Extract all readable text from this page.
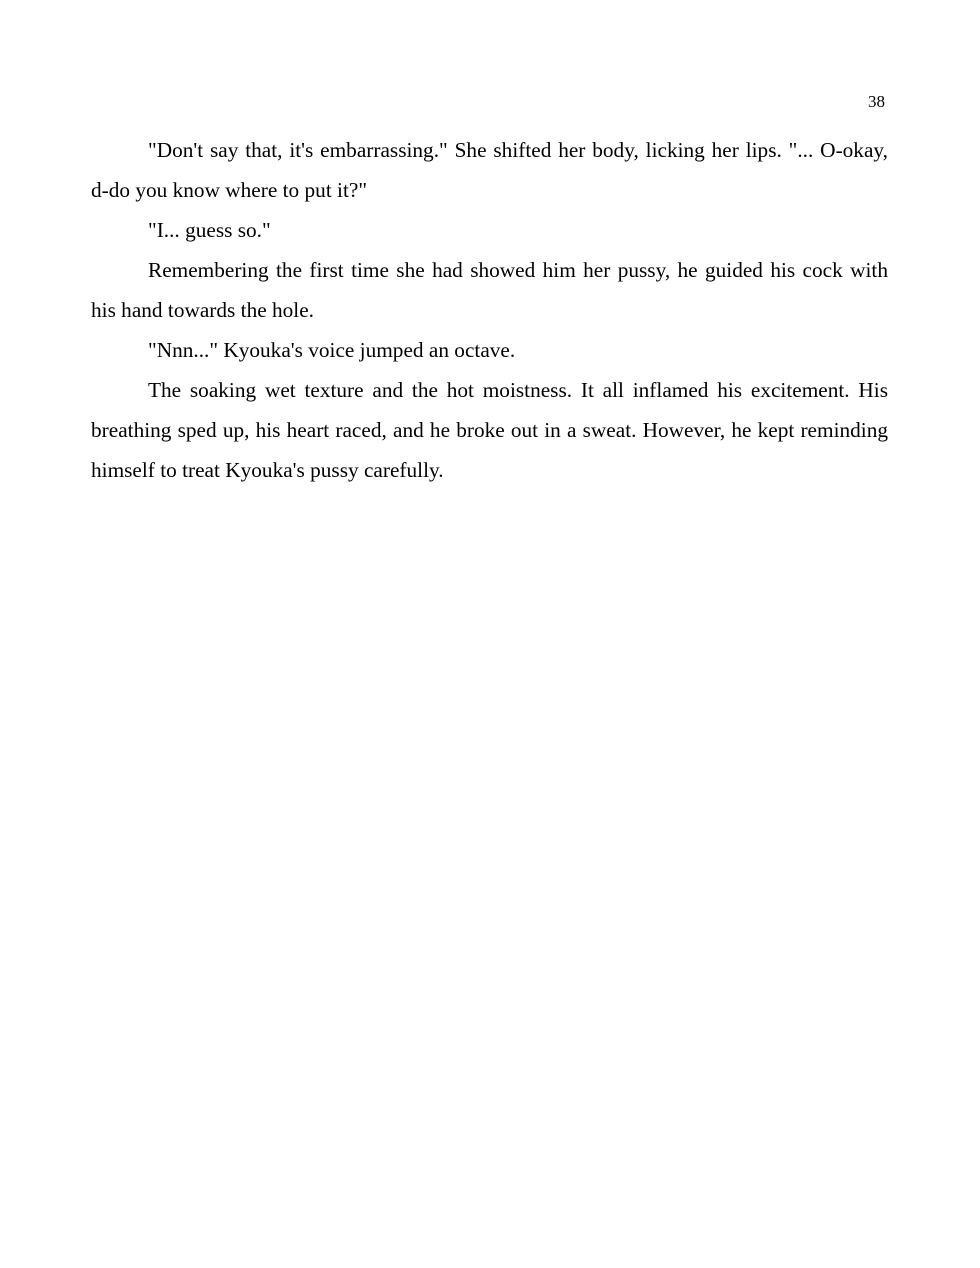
38

"Don't say that, it's embarrassing." She shifted her body, licking her lips. "... O-okay, d-do you know where to put it?"

"I... guess so."

Remembering the first time she had showed him her pussy, he guided his cock with his hand towards the hole.

"Nnn..." Kyouka's voice jumped an octave.

The soaking wet texture and the hot moistness. It all inflamed his excitement. His breathing sped up, his heart raced, and he broke out in a sweat. However, he kept reminding himself to treat Kyouka's pussy carefully.
